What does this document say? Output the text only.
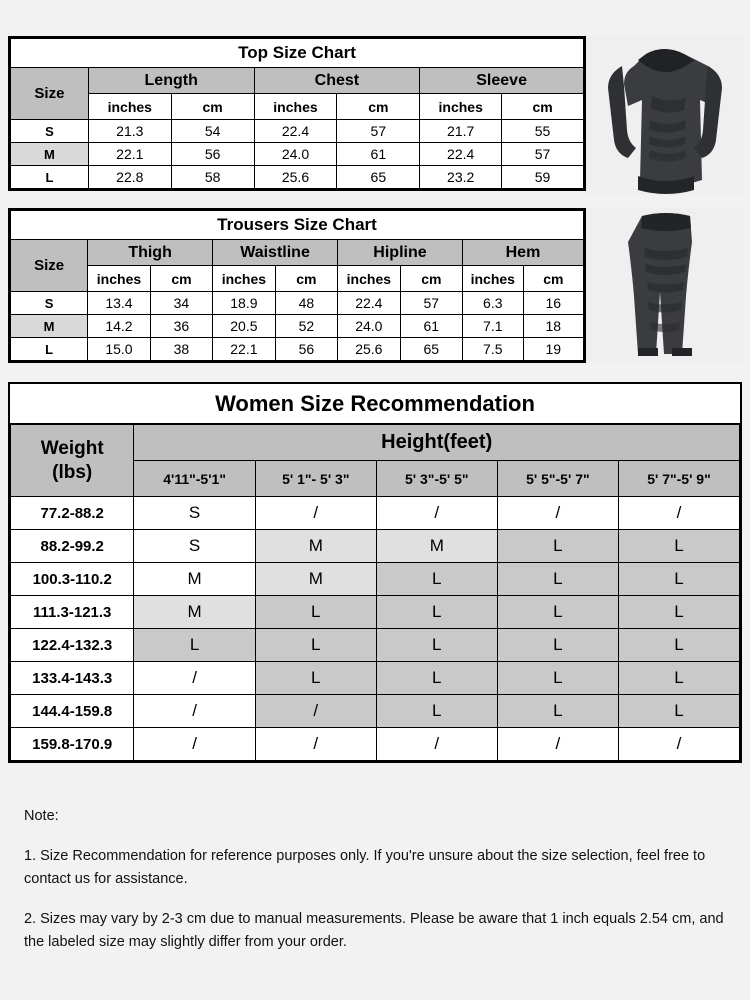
Top Size Chart						
Size	Length		Chest		Sleeve	
	inches	cm	inches	cm	inches	cm
S	21.3	54	22.4	57	21.7	55
M	22.1	56	24.0	61	22.4	57
L	22.8	58	25.6	65	23.2	59
Trousers Size Chart								
Size	Thigh		Waistline		Hipline		Hem	
	inches	cm	inches	cm	inches	cm	inches	cm
S	13.4	34	18.9	48	22.4	57	6.3	16
M	14.2	36	20.5	52	24.0	61	7.1	18
L	15.0	38	22.1	56	25.6	65	7.5	19
Women Size Recommendation
Weight
(lbs)	Height(feet)				
	4'11"-5'1"	5' 1"- 5' 3"	5' 3"-5' 5"	5' 5"-5' 7"	5' 7"-5' 9"
77.2-88.2	S	/	/	/	/
88.2-99.2	S	M	M	L	L
100.3-110.2	M	M	L	L	L
111.3-121.3	M	L	L	L	L
122.4-132.3	L	L	L	L	L
133.4-143.3	/	L	L	L	L
144.4-159.8	/	/	L	L	L
159.8-170.9	/	/	/	/	/

Note:

1. Size Recommendation for reference purposes only. If you're unsure about the size selection, feel free to contact us for assistance.

2. Sizes may vary by 2-3 cm due to manual measurements. Please be aware that 1 inch equals 2.54 cm, and the labeled size may slightly differ from your order.
